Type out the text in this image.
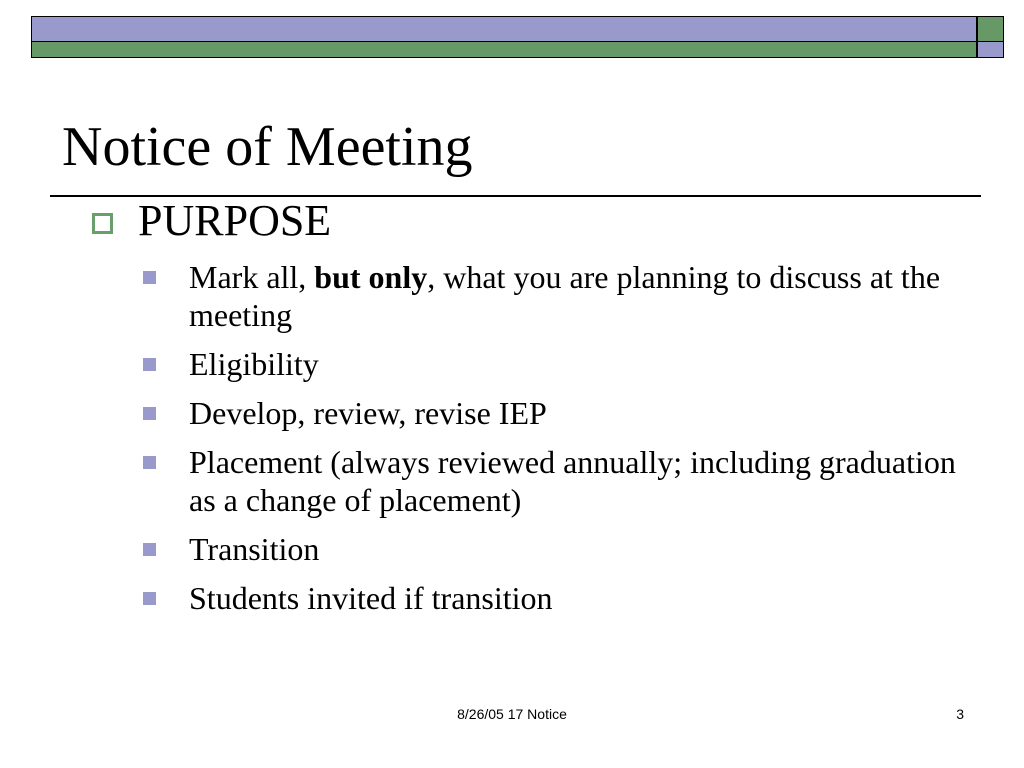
Notice of Meeting
PURPOSE
Mark all, but only, what you are planning to discuss at the meeting
Eligibility
Develop, review, revise IEP
Placement (always reviewed annually; including graduation as a change of placement)
Transition
Students invited if transition
8/26/05 17 Notice	3
